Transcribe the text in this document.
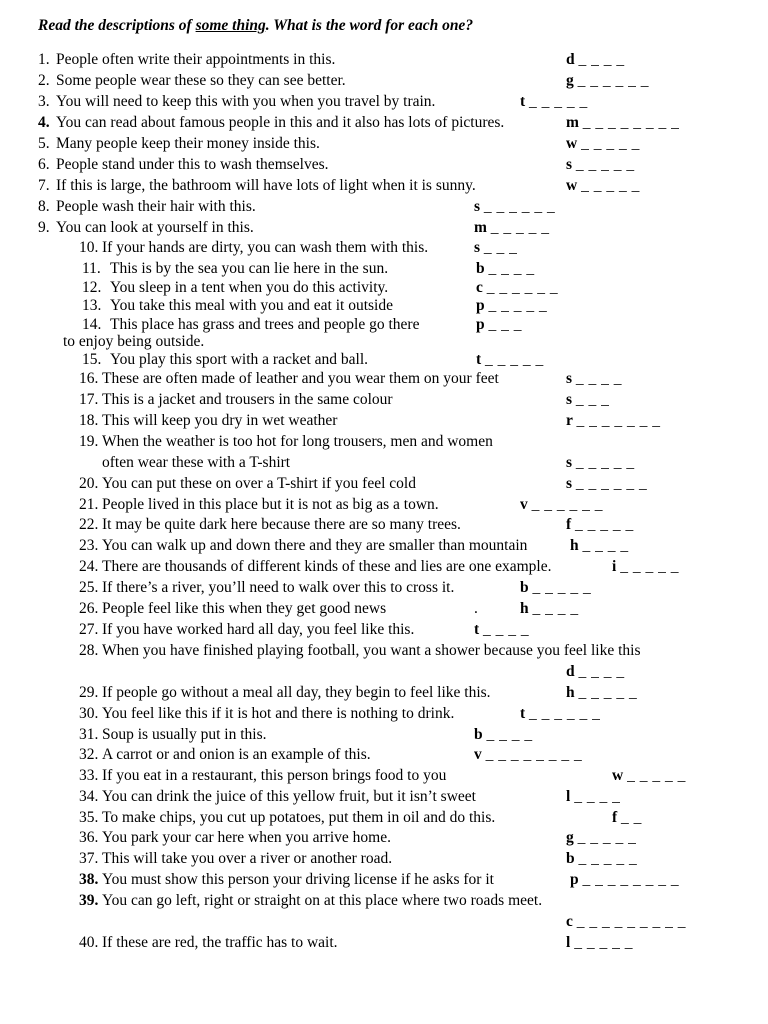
Read the descriptions of some thing. What is the word for each one?
1. People often write their appointments in this.	d _ _ _ _
2. Some people wear these so they can see better.	g _ _ _ _ _ _
3. You will need to keep this with you when you travel by train.	t _ _ _ _ _
4. You can read about famous people in this and it also has lots of pictures.	m _ _ _ _ _ _ _ _
5. Many people keep their money inside this.	w _ _ _ _ _
6. People stand under this to wash themselves.	s _ _ _ _ _
7. If this is large, the bathroom will have lots of light when it is sunny.	w _ _ _ _ _
8. People wash their hair with this.	s _ _ _ _ _ _
9. You can look at yourself in this.	m _ _ _ _ _
10. If your hands are dirty, you can wash them with this.	s _ _ _
11. This is by the sea you can lie here in the sun.	b _ _ _ _
12. You sleep in a tent when you do this activity.	c _ _ _ _ _ _
13. You take this meal with you and eat it outside	p _ _ _ _ _
14. This place has grass and trees and people go there
to enjoy being outside.
p _ _ _
15. You play this sport with a racket and ball.	t _ _ _ _ _
16. These are often made of leather and you wear them on your feet	s _ _ _ _
17. This is a jacket and trousers in the same colour	s _ _ _
18. This will keep you dry in wet weather	r _ _ _ _ _ _ _
19. When the weather is too hot for long trousers, men and women
often wear these with a T-shirt	s _ _ _ _ _
20. You can put these on over a T-shirt if you feel cold	s _ _ _ _ _ _
21. People lived in this place but it is not as big as a town.	v _ _ _ _ _ _
22. It may be quite dark here because there are so many trees.	f _ _ _ _ _
23. You can walk up and down there and they are smaller than mountain	h _ _ _ _
24. There are thousands of different kinds of these and lies are one example.	i _ _ _ _ _
25. If there’s a river, you’ll need to walk over this to cross it.	b _ _ _ _ _
26. People feel like this when they get good news	.	h _ _ _ _
27. If you have worked hard all day, you feel like this.	t _ _ _ _
28. When you have finished playing football, you want a shower because you feel like this
d _ _ _ _
29. If people go without a meal all day, they begin to feel like this.	h _ _ _ _ _
30. You feel like this if it is hot and there is nothing to drink.	t _ _ _ _ _ _
31. Soup is usually put in this.	b _ _ _ _
32. A carrot or and onion is an example of this.	v _ _ _ _ _ _ _ _
33. If you eat in a restaurant, this person brings food to you	w _ _ _ _ _
34. You can drink the juice of this yellow fruit, but it isn’t sweet	l _ _ _ _
35. To make chips, you cut up potatoes, put them in oil and do this.	f _ _
36. You park your car here when you arrive home.	g _ _ _ _ _
37. This will take you over a river or another road.	b _ _ _ _ _
38. You must show this person your driving license if he asks for it	p _ _ _ _ _ _ _ _
39. You can go left, right or straight on at this place where two roads meet.
c _ _ _ _ _ _ _ _ _
40. If these are red, the traffic has to wait.	l _ _ _ _ _
